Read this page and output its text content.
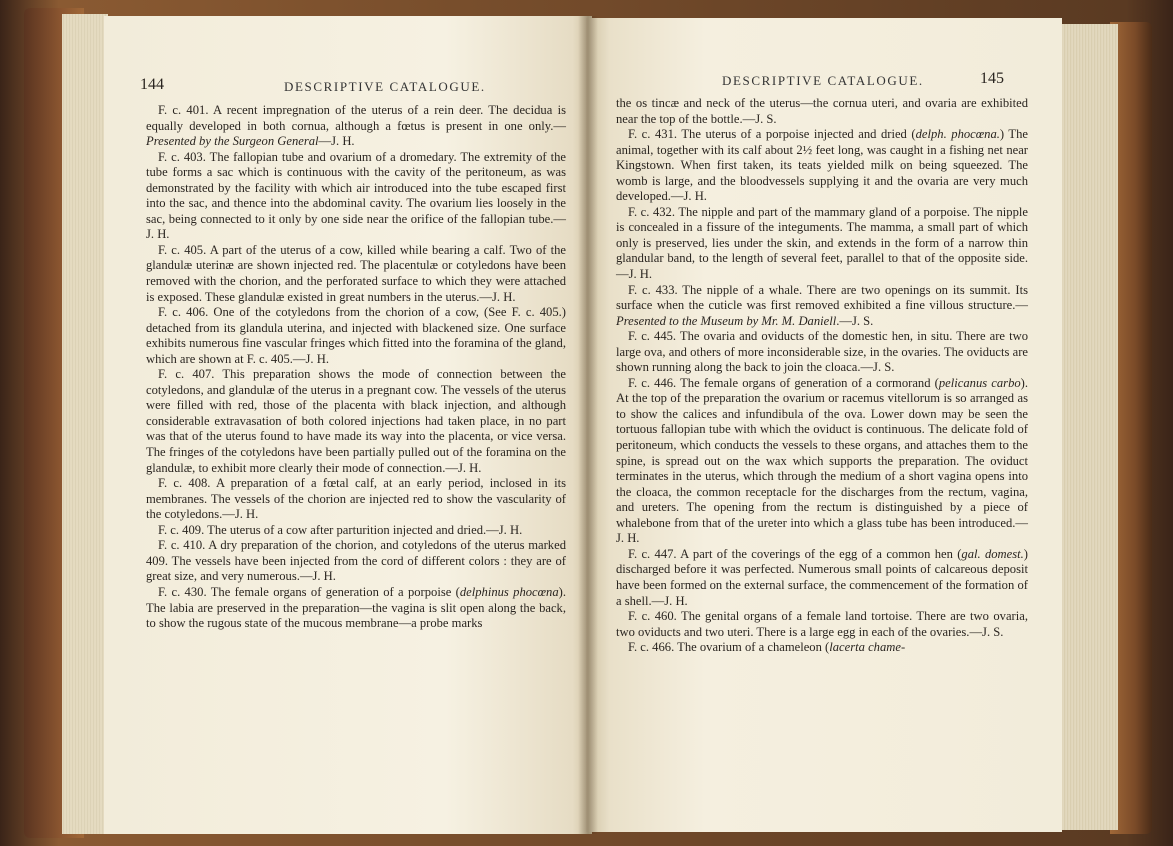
144	DESCRIPTIVE CATALOGUE.

F. c. 401. A recent impregnation of the uterus of a rein deer. The decidua is equally developed in both cornua, although a fœtus is present in one only.—Presented by the Surgeon General—J. H.

F. c. 403. The fallopian tube and ovarium of a dromedary. The extremity of the tube forms a sac which is continuous with the cavity of the peritoneum, as was demonstrated by the facility with which air introduced into the tube escaped first into the sac, and thence into the abdominal cavity. The ovarium lies loosely in the sac, being connected to it only by one side near the orifice of the fallopian tube.—J. H.

F. c. 405. A part of the uterus of a cow, killed while bearing a calf. Two of the glandulæ uterinæ are shown injected red. The placentulæ or cotyledons have been removed with the chorion, and the perforated surface to which they were attached is exposed. These glandulæ existed in great numbers in the uterus.—J. H.

F. c. 406. One of the cotyledons from the chorion of a cow, (See F. c. 405.) detached from its glandula uterina, and injected with blackened size. One surface exhibits numerous fine vascular fringes which fitted into the foramina of the gland, which are shown at F. c. 405.—J. H.

F. c. 407. This preparation shows the mode of connection between the cotyledons, and glandulæ of the uterus in a pregnant cow. The vessels of the uterus were filled with red, those of the placenta with black injection, and although considerable extravasation of both colored injections had taken place, in no part was that of the uterus found to have made its way into the placenta, or vice versa. The fringes of the cotyledons have been partially pulled out of the foramina on the glandulæ, to exhibit more clearly their mode of connection.—J. H.

F. c. 408. A preparation of a fœtal calf, at an early period, inclosed in its membranes. The vessels of the chorion are injected red to show the vascularity of the cotyledons.—J. H.

F. c. 409. The uterus of a cow after parturition injected and dried.—J. H.

F. c. 410. A dry preparation of the chorion, and cotyledons of the uterus marked 409. The vessels have been injected from the cord of different colors : they are of great size, and very numerous.—J. H.

F. c. 430. The female organs of generation of a porpoise (delphinus phocœna). The labia are preserved in the preparation—the vagina is slit open along the back, to show the rugous state of the mucous membrane—a probe marks

DESCRIPTIVE CATALOGUE.	145

the os tincæ and neck of the uterus—the cornua uteri, and ovaria are exhibited near the top of the bottle.—J. S.

F. c. 431. The uterus of a porpoise injected and dried (delph. phocœna.) The animal, together with its calf about 2½ feet long, was caught in a fishing net near Kingstown. When first taken, its teats yielded milk on being squeezed. The womb is large, and the bloodvessels supplying it and the ovaria are very much developed.—J. H.

F. c. 432. The nipple and part of the mammary gland of a porpoise. The nipple is concealed in a fissure of the integuments. The mamma, a small part of which only is preserved, lies under the skin, and extends in the form of a narrow thin glandular band, to the length of several feet, parallel to that of the opposite side.—J. H.

F. c. 433. The nipple of a whale. There are two openings on its summit. Its surface when the cuticle was first removed exhibited a fine villous structure.—Presented to the Museum by Mr. M. Daniell.—J. S.

F. c. 445. The ovaria and oviducts of the domestic hen, in situ. There are two large ova, and others of more inconsiderable size, in the ovaries. The oviducts are shown running along the back to join the cloaca.—J. S.

F. c. 446. The female organs of generation of a cormorand (pelicanus carbo). At the top of the preparation the ovarium or racemus vitellorum is so arranged as to show the calices and infundibula of the ova. Lower down may be seen the tortuous fallopian tube with which the oviduct is continuous. The delicate fold of peritoneum, which conducts the vessels to these organs, and attaches them to the spine, is spread out on the wax which supports the preparation. The oviduct terminates in the uterus, which through the medium of a short vagina opens into the cloaca, the common receptacle for the discharges from the rectum, vagina, and ureters. The opening from the rectum is distinguished by a piece of whalebone from that of the ureter into which a glass tube has been introduced.—J. H.

F. c. 447. A part of the coverings of the egg of a common hen (gal. domest.) discharged before it was perfected. Numerous small points of calcareous deposit have been formed on the external surface, the commencement of the formation of a shell.—J. H.

F. c. 460. The genital organs of a female land tortoise. There are two ovaria, two oviducts and two uteri. There is a large egg in each of the ovaries.—J. S.

F. c. 466. The ovarium of a chameleon (lacerta chame-
